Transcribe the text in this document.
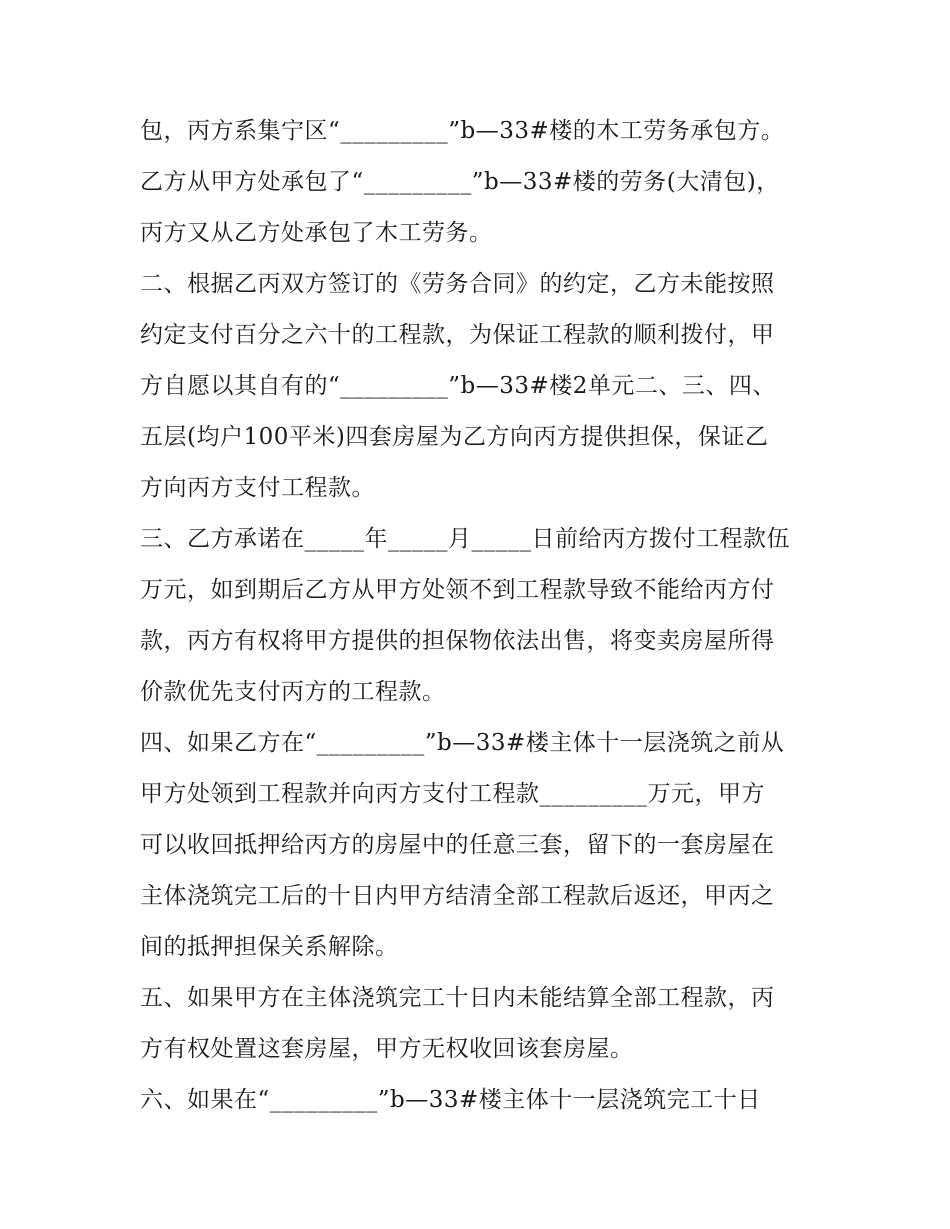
包，丙方系集宁区“_________”b—33#楼的木工劳务承包方。
乙方从甲方处承包了“_________”b—33#楼的劳务(大清包)，
丙方又从乙方处承包了木工劳务。
二、根据乙丙双方签订的《劳务合同》的约定，乙方未能按照
约定支付百分之六十的工程款，为保证工程款的顺利拨付，甲
方自愿以其自有的“_________”b—33#楼2单元二、三、四、
五层(均户100平米)四套房屋为乙方向丙方提供担保，保证乙
方向丙方支付工程款。
三、乙方承诺在_____年_____月_____日前给丙方拨付工程款伍
万元，如到期后乙方从甲方处领不到工程款导致不能给丙方付
款，丙方有权将甲方提供的担保物依法出售，将变卖房屋所得
价款优先支付丙方的工程款。
四、如果乙方在“_________”b—33#楼主体十一层浇筑之前从
甲方处领到工程款并向丙方支付工程款_________万元，甲方
可以收回抵押给丙方的房屋中的任意三套，留下的一套房屋在
主体浇筑完工后的十日内甲方结清全部工程款后返还，甲丙之
间的抵押担保关系解除。
五、如果甲方在主体浇筑完工十日内未能结算全部工程款，丙
方有权处置这套房屋，甲方无权收回该套房屋。
六、如果在“_________”b—33#楼主体十一层浇筑完工十日
